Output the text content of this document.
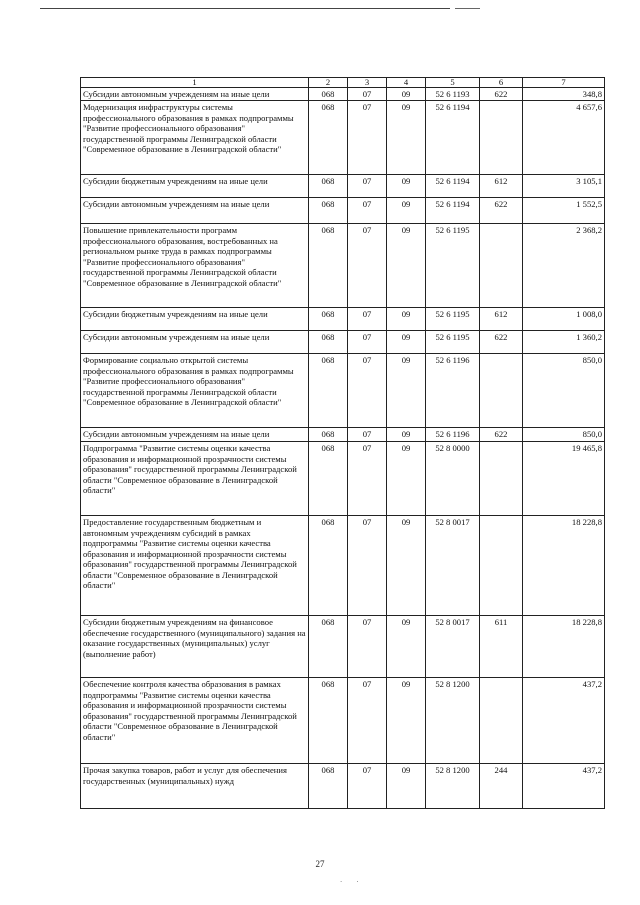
1	2	3	4	5	6	7
Субсидии автономным учреждениям на иные цели	068	07	09	52 6 1193	622	348,8
Модернизация инфраструктуры системы профессионального образования в рамках подпрограммы "Развитие профессионального образования" государственной программы Ленинградской области "Современное образование в Ленинградской области"	068	07	09	52 6 1194		4 657,6
Субсидии бюджетным учреждениям на иные цели	068	07	09	52 6 1194	612	3 105,1
Субсидии автономным учреждениям на иные цели	068	07	09	52 6 1194	622	1 552,5
Повышение привлекательности программ профессионального образования, востребованных на региональном рынке труда в рамках подпрограммы "Развитие профессионального образования" государственной программы Ленинградской области "Современное образование в Ленинградской области"	068	07	09	52 6 1195		2 368,2
Субсидии бюджетным учреждениям на иные цели	068	07	09	52 6 1195	612	1 008,0
Субсидии автономным учреждениям на иные цели	068	07	09	52 6 1195	622	1 360,2
Формирование социально открытой системы профессионального образования в рамках подпрограммы "Развитие профессионального образования" государственной программы Ленинградской области "Современное образование в Ленинградской области"	068	07	09	52 6 1196		850,0
Субсидии автономным учреждениям на иные цели	068	07	09	52 6 1196	622	850,0
Подпрограмма "Развитие системы оценки качества образования и информационной прозрачности системы образования" государственной программы Ленинградской области "Современное образование в Ленинградской области"	068	07	09	52 8 0000		19 465,8
Предоставление государственным бюджетным и автономным учреждениям субсидий в рамках подпрограммы "Развитие системы оценки качества образования и информационной прозрачности системы образования" государственной программы Ленинградской области "Современное образование в Ленинградской области"	068	07	09	52 8 0017		18 228,8
Субсидии бюджетным учреждениям на финансовое обеспечение государственного (муниципального) задания на оказание государственных (муниципальных) услуг (выполнение работ)	068	07	09	52 8 0017	611	18 228,8
Обеспечение контроля качества образования в рамках подпрограммы "Развитие системы оценки качества образования и информационной прозрачности системы образования" государственной программы Ленинградской области "Современное образование в Ленинградской области"	068	07	09	52 8 1200		437,2
Прочая закупка товаров, работ и услуг для обеспечения государственных (муниципальных) нужд	068	07	09	52 8 1200	244	437,2
27
⋅        ⋅
